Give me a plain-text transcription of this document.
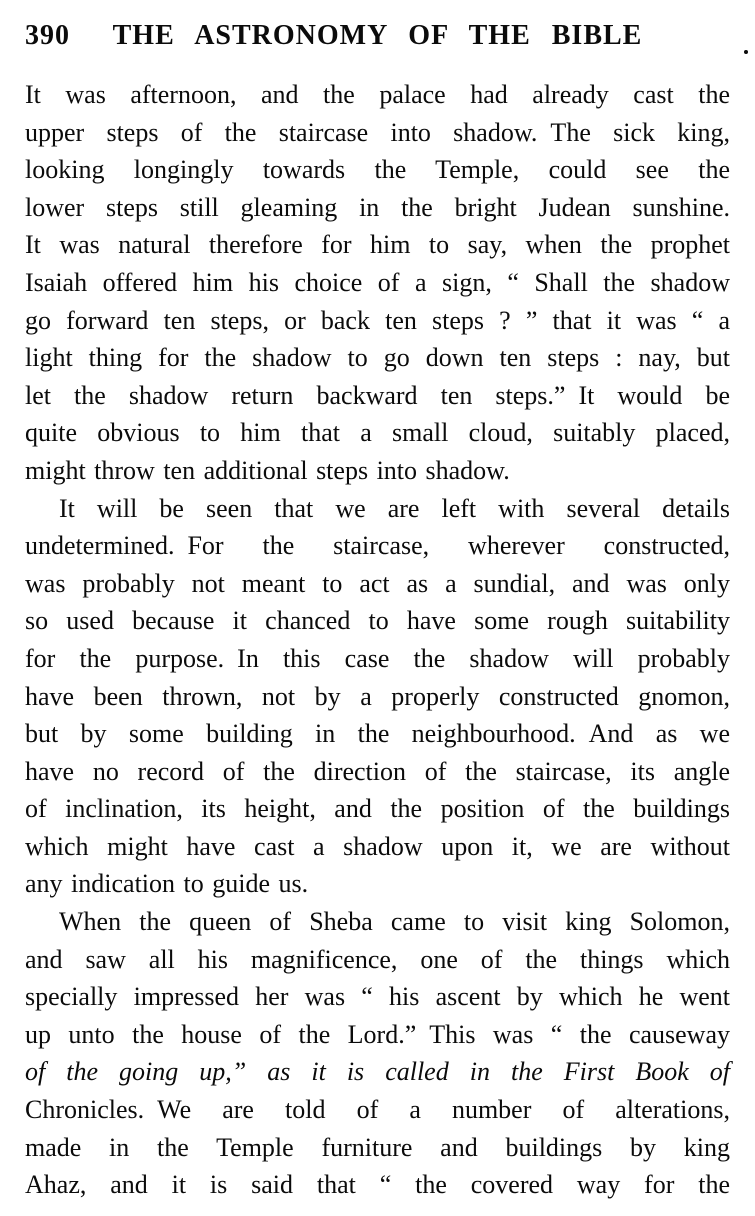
390	THE ASTRONOMY OF THE BIBLE
It was afternoon, and the palace had already cast the
upper steps of the staircase into shadow. The sick king,
looking longingly towards the Temple, could see the
lower steps still gleaming in the bright Judean sunshine.
It was natural therefore for him to say, when the prophet
Isaiah offered him his choice of a sign, “ Shall the shadow
go forward ten steps, or back ten steps ? ” that it was “ a
light thing for the shadow to go down ten steps : nay, but
let the shadow return backward ten steps.” It would be
quite obvious to him that a small cloud, suitably placed,
might throw ten additional steps into shadow.
It will be seen that we are left with several details
undetermined. For the staircase, wherever constructed,
was probably not meant to act as a sundial, and was only
so used because it chanced to have some rough suitability
for the purpose. In this case the shadow will probably
have been thrown, not by a properly constructed gnomon,
but by some building in the neighbourhood. And as we
have no record of the direction of the staircase, its angle
of inclination, its height, and the position of the buildings
which might have cast a shadow upon it, we are without
any indication to guide us.
When the queen of Sheba came to visit king Solomon,
and saw all his magnificence, one of the things which
specially impressed her was “ his ascent by which he went
up unto the house of the Lord.” This was “ the causeway
of the going up,” as it is called in the First Book of
Chronicles. We are told of a number of alterations,
made in the Temple furniture and buildings by king
Ahaz, and it is said that “ the covered way for the
